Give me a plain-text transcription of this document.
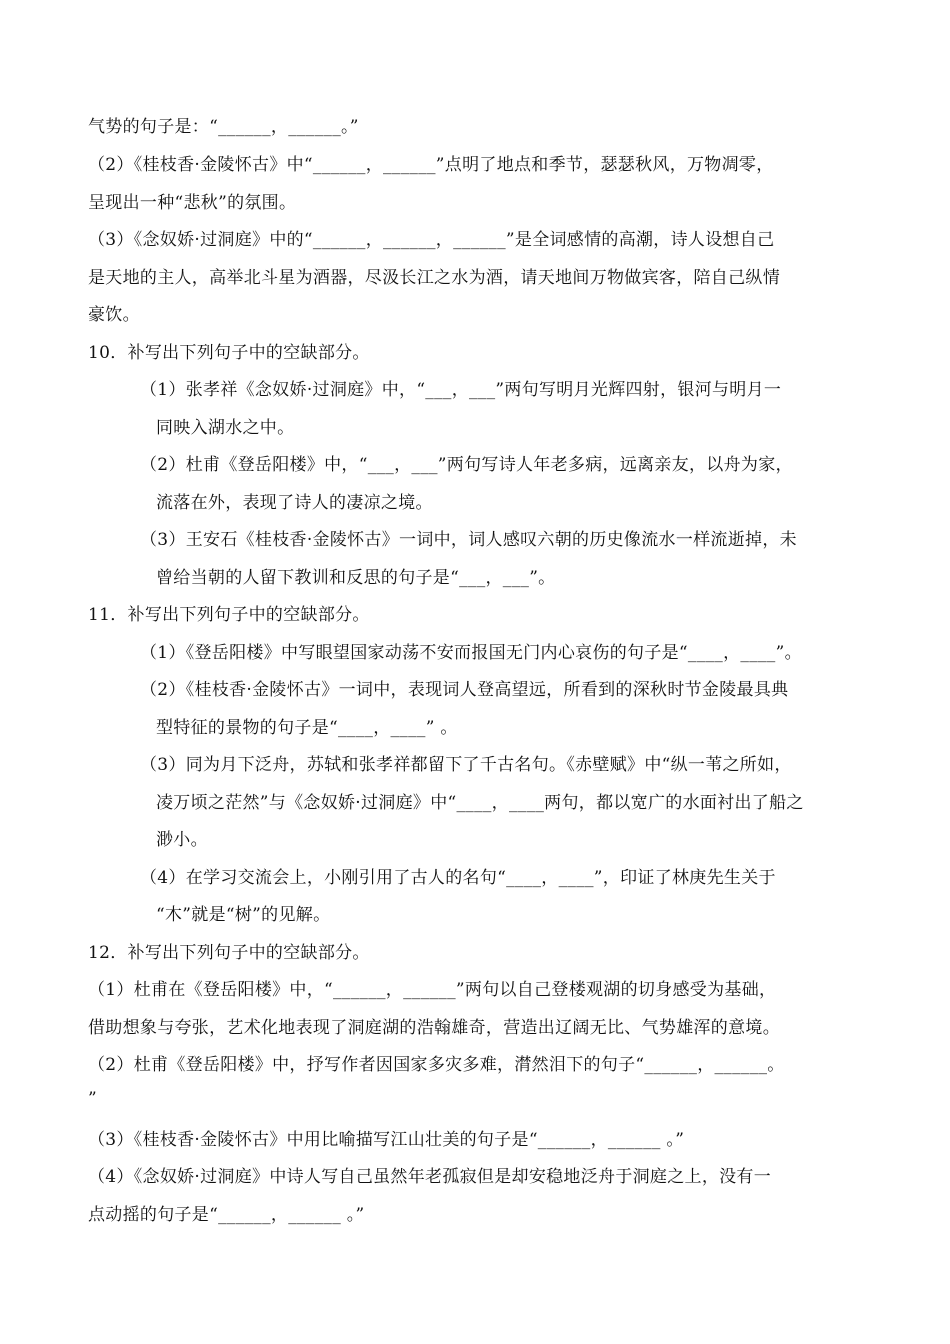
气势的句子是：“______，______。”
（2）《桂枝香·金陵怀古》中“______，______”点明了地点和季节，瑟瑟秋风，万物凋零，
呈现出一种“悲秋”的氛围。
（3）《念奴娇·过洞庭》中的“______，______，______”是全词感情的高潮，诗人设想自己
是天地的主人，高举北斗星为酒器，尽汲长江之水为酒，请天地间万物做宾客，陪自己纵情
豪饮。
10．补写出下列句子中的空缺部分。
（1）张孝祥《念奴娇·过洞庭》中，“___，___”两句写明月光辉四射，银河与明月一
同映入湖水之中。
（2）杜甫《登岳阳楼》中，“___，___”两句写诗人年老多病，远离亲友，以舟为家，
流落在外，表现了诗人的凄凉之境。
（3）王安石《桂枝香·金陵怀古》一词中，词人感叹六朝的历史像流水一样流逝掉，未
曾给当朝的人留下教训和反思的句子是“___，___”。
11．补写出下列句子中的空缺部分。
（1）《登岳阳楼》中写眼望国家动荡不安而报国无门内心哀伤的句子是“____，____”。
（2）《桂枝香·金陵怀古》一词中，表现词人登高望远，所看到的深秋时节金陵最具典
型特征的景物的句子是“____，____” 。
（3）同为月下泛舟，苏轼和张孝祥都留下了千古名句。《赤壁赋》中“纵一苇之所如，
凌万顷之茫然”与《念奴娇·过洞庭》中“____，____两句，都以宽广的水面衬出了船之
渺小。
（4）在学习交流会上，小刚引用了古人的名句“____，____”，印证了林庚先生关于
“木”就是“树”的见解。
12．补写出下列句子中的空缺部分。
（1）杜甫在《登岳阳楼》中，“______，______”两句以自己登楼观湖的切身感受为基础，
借助想象与夸张，艺术化地表现了洞庭湖的浩翰雄奇，营造出辽阔无比、气势雄浑的意境。
（2）杜甫《登岳阳楼》中，抒写作者因国家多灾多难，潸然泪下的句子“______，______。
”
（3）《桂枝香·金陵怀古》中用比喻描写江山壮美的句子是“______，______ 。”
（4）《念奴娇·过洞庭》中诗人写自己虽然年老孤寂但是却安稳地泛舟于洞庭之上，没有一
点动摇的句子是“______，______ 。”
